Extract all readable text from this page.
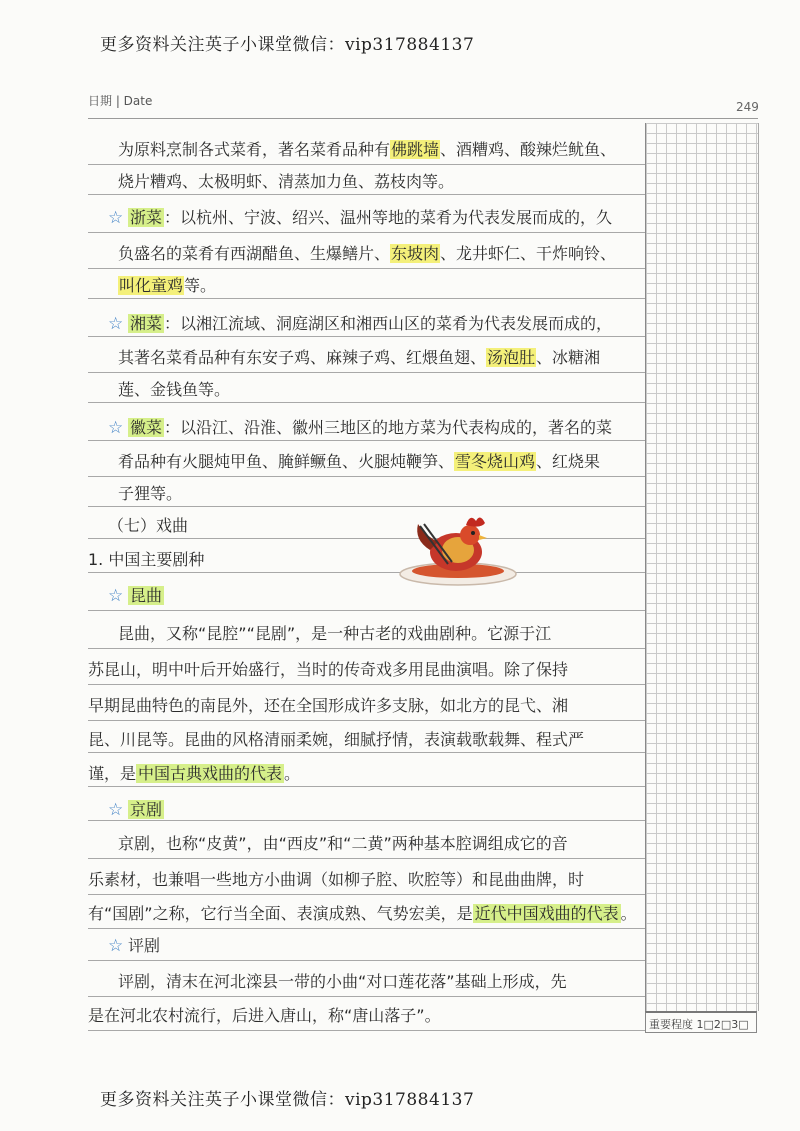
更多资料关注英子小课堂微信：vip317884137
日期 | Date	249
重要程度 1□2□3□
为原料烹制各式菜肴，著名菜肴品种有佛跳墙、酒糟鸡、酸辣烂鱿鱼、
烧片糟鸡、太极明虾、清蒸加力鱼、荔枝肉等。
☆ 浙菜 ：以杭州、宁波、绍兴、温州等地的菜肴为代表发展而成的，久
负盛名的菜肴有西湖醋鱼、生爆鳝片、东坡肉、龙井虾仁、干炸响铃、
叫化童鸡等。
☆ 湘菜 ：以湘江流域、洞庭湖区和湘西山区的菜肴为代表发展而成的，
其著名菜肴品种有东安子鸡、麻辣子鸡、红煨鱼翅、汤泡肚、冰糖湘
莲、金钱鱼等。
☆ 徽菜 ：以沿江、沿淮、徽州三地区的地方菜为代表构成的，著名的菜
肴品种有火腿炖甲鱼、腌鲜鳜鱼、火腿炖鞭笋、雪冬烧山鸡、红烧果
子狸等。
（七）戏曲
1. 中国主要剧种
☆ 昆曲
昆曲，又称“昆腔”“昆剧”，是一种古老的戏曲剧种。它源于江
苏昆山，明中叶后开始盛行，当时的传奇戏多用昆曲演唱。除了保持
早期昆曲特色的南昆外，还在全国形成许多支脉，如北方的昆弋、湘
昆、川昆等。昆曲的风格清丽柔婉，细腻抒情，表演载歌载舞、程式严
谨，是 中国古典戏曲的代表 。
☆ 京剧
京剧，也称“皮黄”，由“西皮”和“二黄”两种基本腔调组成它的音
乐素材，也兼唱一些地方小曲调（如柳子腔、吹腔等）和昆曲曲牌，时
有“国剧”之称，它行当全面、表演成熟、气势宏美，是 近代中国戏曲的代表 。
☆ 评剧
评剧，清末在河北滦县一带的小曲“对口莲花落”基础上形成，先
是在河北农村流行，后进入唐山，称“唐山落子”。
更多资料关注英子小课堂微信：vip317884137
